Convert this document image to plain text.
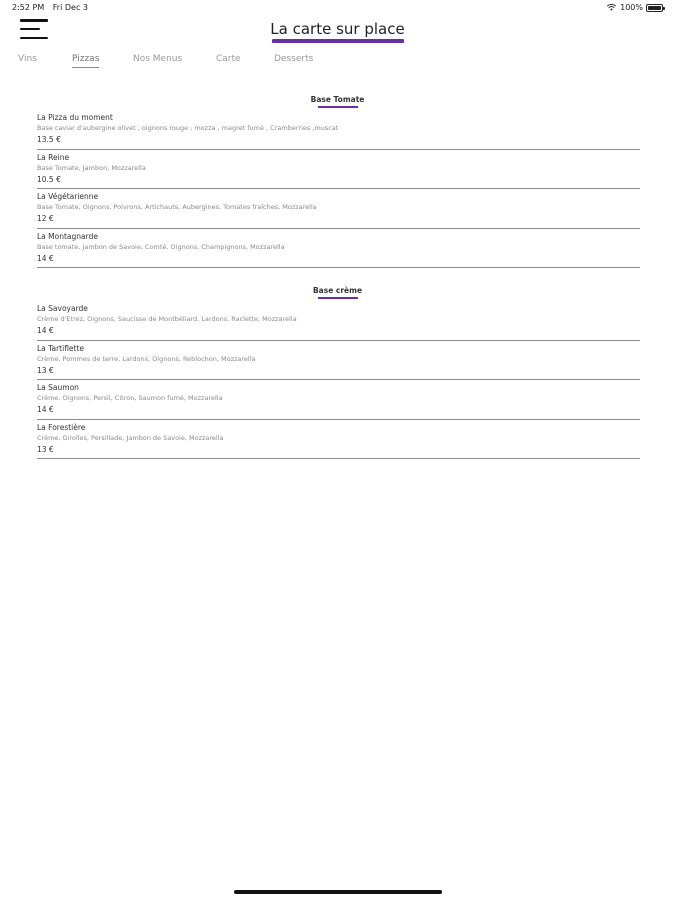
2:52 PM Fri Dec 3	100%
La carte sur place
Vins	Pizzas	Nos Menus	Carte	Desserts
Base Tomate
La Pizza du moment
Base caviar d'aubergine olivet , oignons rouge , mozza , magret fumé , Cramberries ,muscat
13.5 €
La Reine
Base Tomate, Jambon, Mozzarella
10.5 €
La Végétarienne
Base Tomate, Oignons, Poivrons, Artichauts, Aubergines, Tomates fraîches, Mozzarella
12 €
La Montagnarde
Base tomate, Jambon de Savoie, Comté, Oignons, Champignons, Mozzarella
14 €
Base crème
La Savoyarde
Crème d'Etrez, Oignons, Saucisse de Montbéliard, Lardons, Raclette, Mozzarella
14 €
La Tartiflette
Crème, Pommes de terre, Lardons, Oignons, Reblochon, Mozzarella
13 €
La Saumon
Crème, Oignons, Persil, Citron, Saumon fumé, Mozzarella
14 €
La Forestière
Crème, Girolles, Persillade, Jambon de Savoie, Mozzarella
13 €
